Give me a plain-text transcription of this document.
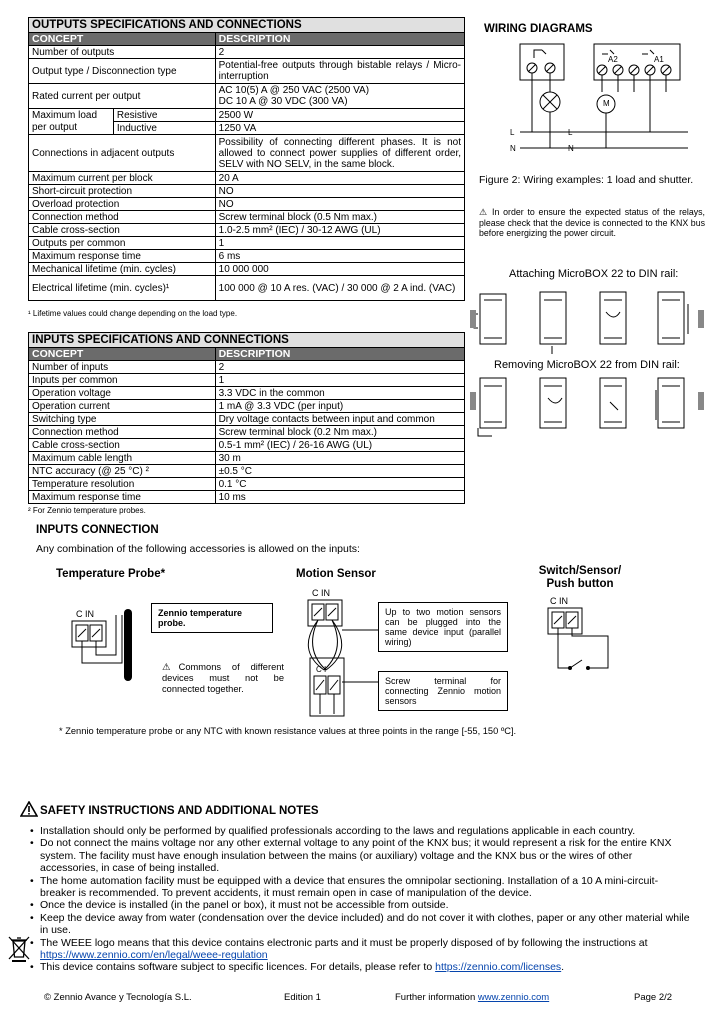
OUTPUTS SPECIFICATIONS AND CONNECTIONS		
CONCEPT		DESCRIPTION
Number of outputs		2
Output type / Disconnection type		Potential-free outputs through bistable relays / Micro-interruption
Rated current per output		AC 10(5) A @ 250 VAC (2500 VA)
DC 10 A @ 30 VDC (300 VA)

Maximum load
per output	Resistive	2500 W
	Inductive	1250 VA
Connections in adjacent outputs		Possibility of connecting different phases. It is not allowed to connect power supplies of different order, SELV with NO SELV, in the same block.
Maximum current per block		20 A
Short-circuit protection		NO
Overload protection		NO
Connection method		Screw terminal block (0.5 Nm max.)
Cable cross-section		1.0-2.5 mm² (IEC) / 30-12 AWG (UL)
Outputs per common		1
Maximum response time		6 ms
Mechanical lifetime (min. cycles)		10 000 000
Electrical lifetime (min. cycles)¹		100 000 @ 10 A res. (VAC) / 30 000 @ 2 A ind. (VAC)
¹ Lifetime values could change depending on the load type.
INPUTS SPECIFICATIONS AND CONNECTIONS	
CONCEPT	DESCRIPTION
Number of inputs	2
Inputs per common	1
Operation voltage	3.3 VDC in the common
Operation current	1 mA @ 3.3 VDC (per input)
Switching type	Dry voltage contacts between input and common
Connection method	Screw terminal block (0.2 Nm max.)
Cable cross-section	0.5-1 mm² (IEC) / 26-16 AWG (UL)
Maximum cable length	30 m
NTC accuracy (@ 25 °C) ²	±0.5 °C
Temperature resolution	0.1 °C
Maximum response time	10 ms
² For Zennio temperature probes.
WIRING DIAGRAMS
M
A2	A1
L
N
L
N
Figure 2: Wiring examples: 1 load and shutter.
⚠ In order to ensure the expected status of the relays, please check that the device is connected to the KNX bus before energizing the power circuit.
Attaching MicroBOX 22 to DIN rail:
Removing MicroBOX 22 from DIN rail:
INPUTS CONNECTION
Any combination of the following accessories is allowed on the inputs:
Temperature Probe*	Motion Sensor	Switch/Sensor/
Push button
C IN	Zennio temperature probe.
⚠Commons of different devices must not be connected together.
C IN
C I
Up to two motion sensors can be plugged into the same device input (parallel wiring)
Screw terminal for connecting Zennio motion sensors
C IN
* Zennio temperature probe or any NTC with known resistance values at three points in the range [-55, 150 ºC].
SAFETY INSTRUCTIONS AND ADDITIONAL NOTES
• Installation should only be performed by qualified professionals according to the laws and regulations applicable in each country.
• Do not connect the mains voltage nor any other external voltage to any point of the KNX bus; it would represent a risk for the entire KNX system. The facility must have enough insulation between the mains (or auxiliary) voltage and the KNX bus or the wires of other accessories, in case of being installed.
• The home automation facility must be equipped with a device that ensures the omnipolar sectioning. Installation of a 10 A mini-circuit-breaker is recommended. To prevent accidents, it must remain open in case of manipulation of the device.
• Once the device is installed (in the panel or box), it must not be accessible from outside.
• Keep the device away from water (condensation over the device included) and do not cover it with clothes, paper or any other material while in use.
• The WEEE logo means that this device contains electronic parts and it must be properly disposed of by following the instructions at https://www.zennio.com/en/legal/weee-regulation
• This device contains software subject to specific licences. For details, please refer to https://zennio.com/licenses.
© Zennio Avance y Tecnología S.L.	Edition 1	Further information www.zennio.com	Page 2/2
